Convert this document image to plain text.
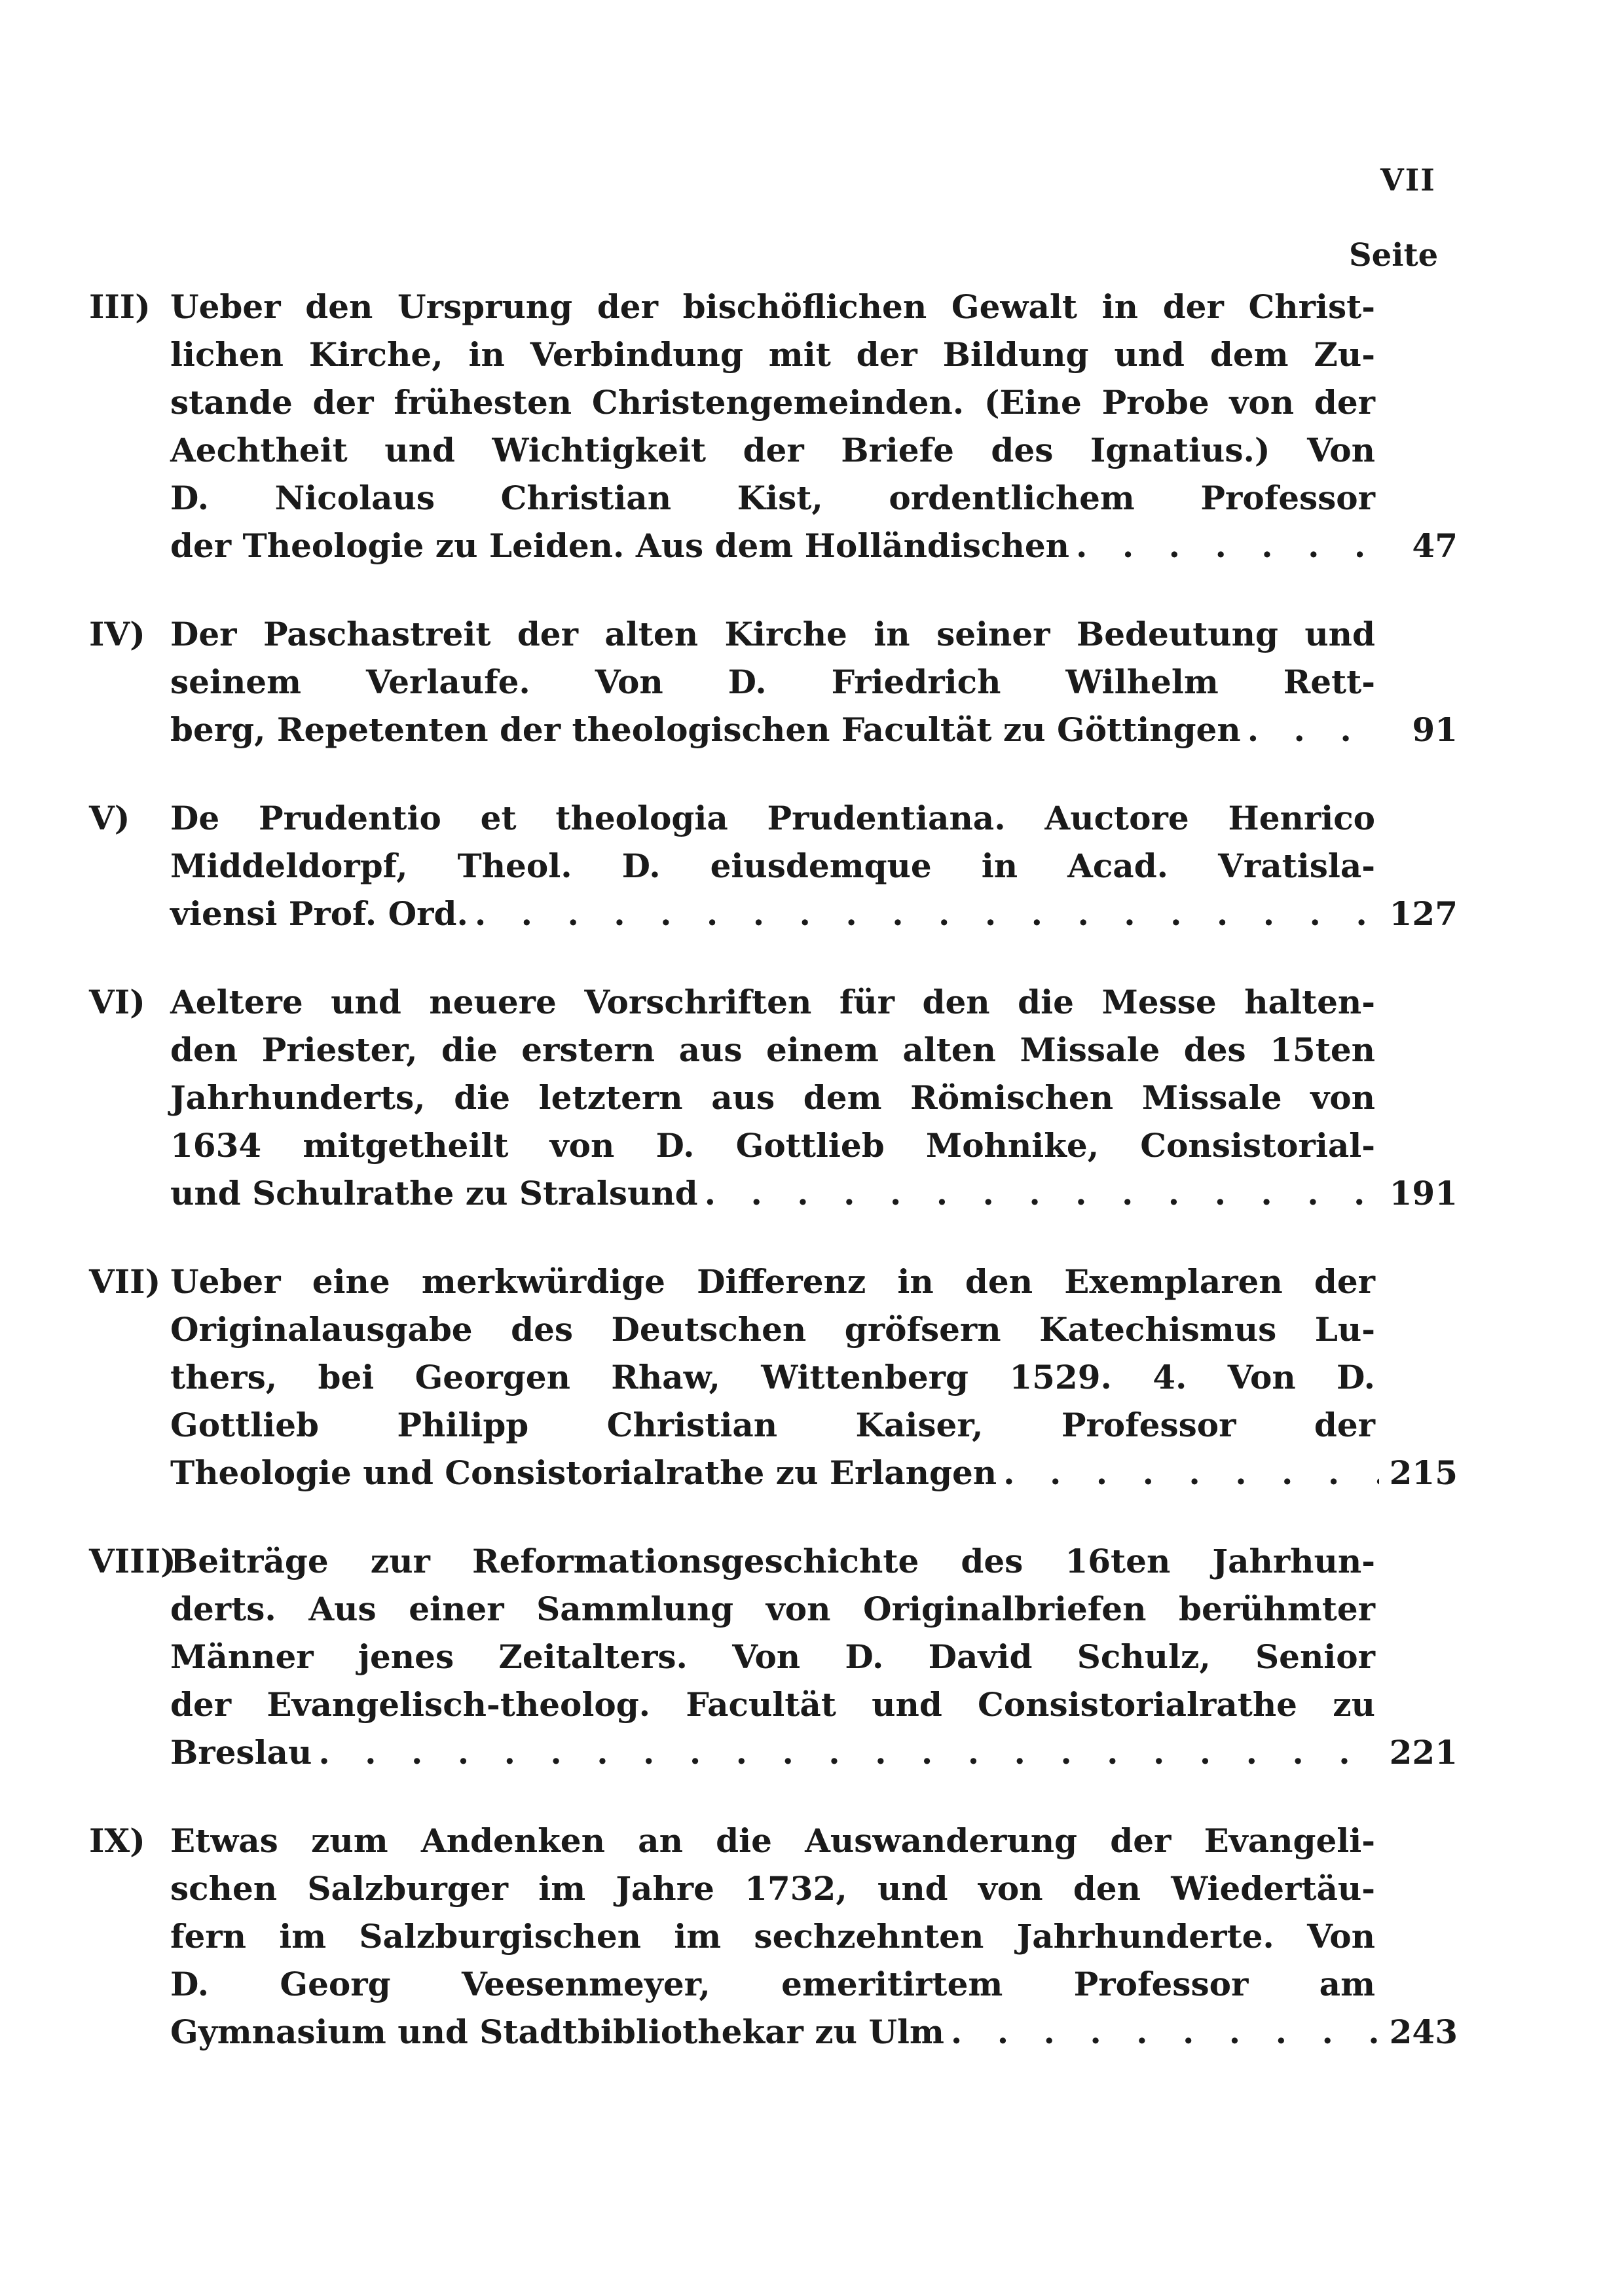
VII
Seite
III) Ueber den Ursprung der bischöflichen Gewalt in der Christ-
lichen Kirche, in Verbindung mit der Bildung und dem Zu-
stande der frühesten Christengemeinden. (Eine Probe von der
Aechtheit und Wichtigkeit der Briefe des Ignatius.) Von
D. Nicolaus Christian Kist, ordentlichem Professor
der Theologie zu Leiden. Aus dem Holländischen . . .	47
IV) Der Paschastreit der alten Kirche in seiner Bedeutung und
seinem Verlaufe. Von D. Friedrich Wilhelm Rett-
berg, Repetenten der theologischen Facultät zu Göttingen . . .	91
V)	De Prudentio et theologia Prudentiana. Auctore Henrico
Middeldorpf, Theol. D. eiusdemque in Acad. Vratisla-
viensi Prof. Ord. . . .	127
VI) Aeltere und neuere Vorschriften für den die Messe halten-
den Priester, die erstern aus einem alten Missale des 15ten
Jahrhunderts, die letztern aus dem Römischen Missale von
1634 mitgetheilt von D. Gottlieb Mohnike, Consistorial-
und Schulrathe zu Stralsund . . .	191
VII) Ueber eine merkwürdige Differenz in den Exemplaren der
Originalausgabe des Deutschen gröfsern Katechismus Lu-
thers, bei Georgen Rhaw, Wittenberg 1529. 4. Von D.
Gottlieb Philipp Christian Kaiser, Professor der
Theologie und Consistorialrathe zu Erlangen . . .	215
VIII)
Beiträge zur Reformationsgeschichte des 16ten Jahrhun-
derts. Aus einer Sammlung von Originalbriefen berühmter
Männer jenes Zeitalters. Von D. David Schulz, Senior
der Evangelisch-theolog. Facultät und Consistorialrathe zu
Breslau . . .	221
IX) Etwas zum Andenken an die Auswanderung der Evangeli-
schen Salzburger im Jahre 1732, und von den Wiedertäu-
fern im Salzburgischen im sechzehnten Jahrhunderte. Von
D. Georg Veesenmeyer, emeritirtem Professor am
Gymnasium und Stadtbibliothekar zu Ulm . . .	243
